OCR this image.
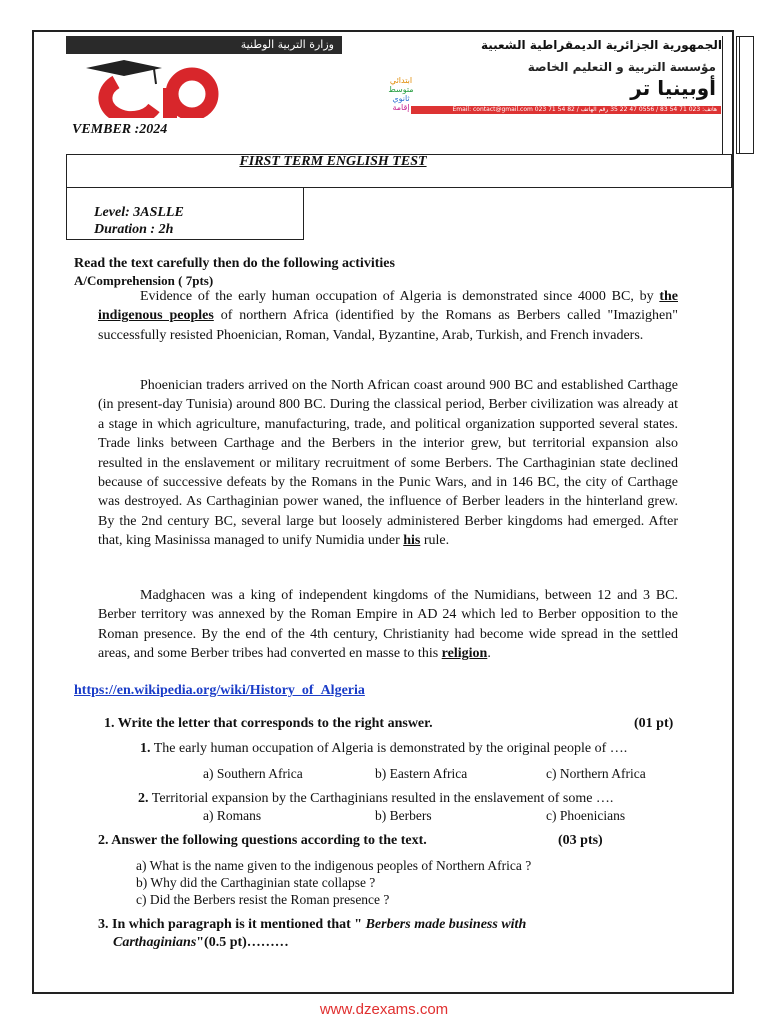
وزارة التربية الوطنية	الجمهورية الجزائرية الديمقراطية الشعبية
مؤسسة التربية و التعليم الخاصة
أوبينيا تر
ابتدائي
متوسط
ثانوي
إقامة	Email: contact@gmail.com 023 71 54 82 / هاتف: 023 71 54 83 / 0556 47 22 35 رقم الهاتف
VEMBER :2024
FIRST TERM ENGLISH TEST
Level: 3ASLLE
Duration : 2h
Read the text carefully then do the following activities
A/Comprehension ( 7pts)

Evidence of the early human occupation of Algeria is demonstrated since 4000 BC, by the indigenous peoples of northern Africa (identified by the Romans as Berbers called "Imazighen" successfully resisted Phoenician, Roman, Vandal, Byzantine, Arab, Turkish, and French invaders.

Phoenician traders arrived on the North African coast around 900 BC and established Carthage (in present-day Tunisia) around 800 BC. During the classical period, Berber civilization was already at a stage in which agriculture, manufacturing, trade, and political organization supported several states. Trade links between Carthage and the Berbers in the interior grew, but territorial expansion also resulted in the enslavement or military recruitment of some Berbers. The Carthaginian state declined because of successive defeats by the Romans in the Punic Wars, and in 146 BC, the city of Carthage was destroyed. As Carthaginian power waned, the influence of Berber leaders in the hinterland grew. By the 2nd century BC, several large but loosely administered Berber kingdoms had emerged. After that, king Masinissa managed to unify Numidia under his rule.

Madghacen was a king of independent kingdoms of the Numidians, between 12 and 3 BC. Berber territory was annexed by the Roman Empire in AD 24 which led to Berber opposition to the Roman presence. By the end of the 4th century, Christianity had become wide spread in the settled areas, and some Berber tribes had converted en masse to this religion.

https://en.wikipedia.org/wiki/History_of_Algeria
1. Write the letter that corresponds to the right answer.	(01 pt)
1. The early human occupation of Algeria is demonstrated by the original people of ….
a) Southern Africa	b) Eastern Africa	c) Northern Africa
2. Territorial expansion by the Carthaginians resulted in the enslavement of some ….
a) Romans	b) Berbers	c) Phoenicians
2. Answer the following questions according to the text.	(03 pts)
a) What is the name given to the indigenous peoples of Northern Africa ?
b) Why did the Carthaginian state collapse ?
c) Did the Berbers resist the Roman presence ?
3. In which paragraph is it mentioned that " Berbers made business with
Carthaginians"(0.5 pt)………
www.dzexams.com
